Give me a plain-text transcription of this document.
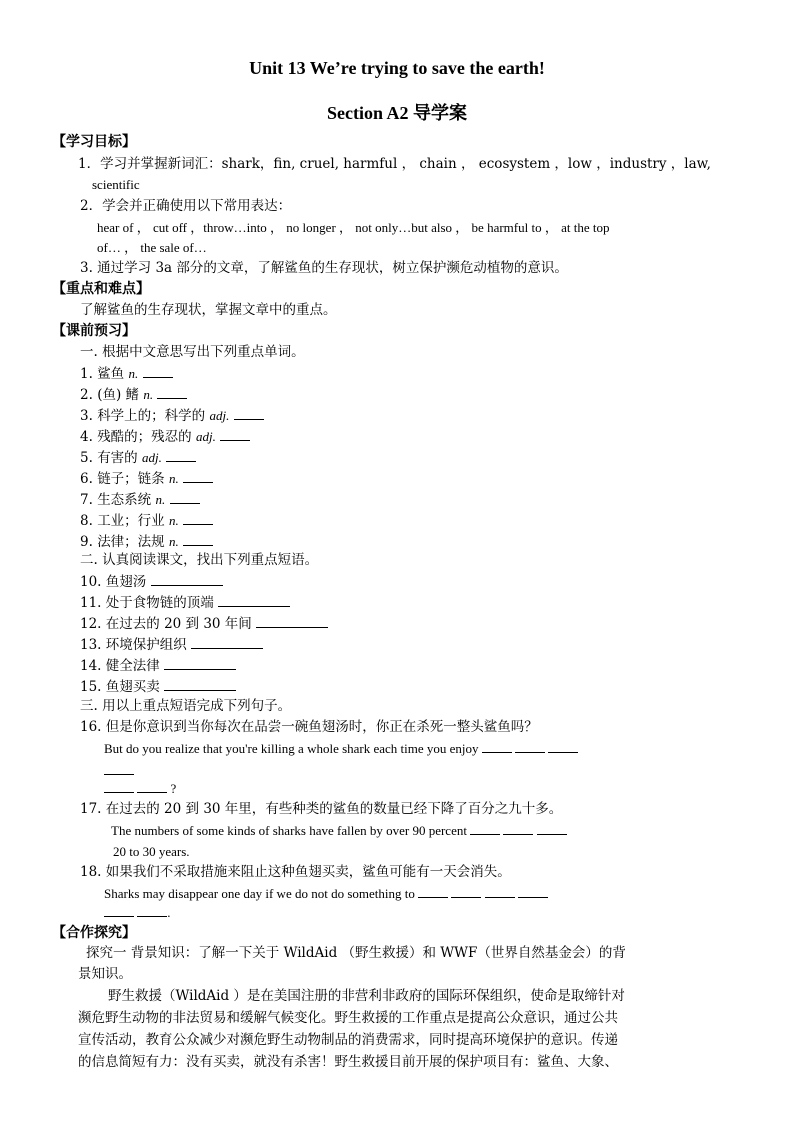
Unit 13 We’re trying to save the earth!
Section A2 导学案
【学习目标】
1．学习并掌握新词汇：shark，fin, cruel, harmful ， chain ， ecosystem ，low ，industry ，law,
scientific
2．学会并正确使用以下常用表达：
hear of ， cut off ，throw…into ， no longer ， not only…but also ， be harmful to ， at the top
of… ， the sale of…
3. 通过学习 3a 部分的文章，了解鲨鱼的生存现状，树立保护濒危动植物的意识。
【重点和难点】
了解鲨鱼的生存现状，掌握文章中的重点。
【课前预习】
一. 根据中文意思写出下列重点单词。
1. 鲨鱼 n.
2. (鱼) 鳍 n.
3. 科学上的；科学的 adj.
4. 残酷的；残忍的 adj.
5. 有害的 adj.
6. 链子；链条 n.
7. 生态系统 n.
8. 工业；行业 n.
9. 法律；法规 n.
二. 认真阅读课文，找出下列重点短语。
10. 鱼翅汤
11. 处于食物链的顶端
12. 在过去的 20 到 30 年间
13. 环境保护组织
14. 健全法律
15. 鱼翅买卖
三. 用以上重点短语完成下列句子。
16. 但是你意识到当你每次在品尝一碗鱼翅汤时，你正在杀死一整头鲨鱼吗？
But do you realize that you're killing a whole shark each time you enjoy
?
17. 在过去的 20 到 30 年里，有些种类的鲨鱼的数量已经下降了百分之九十多。
The numbers of some kinds of sharks have fallen by over 90 percent
20 to 30 years.
18. 如果我们不采取措施来阻止这种鱼翅买卖，鲨鱼可能有一天会消失。
Sharks may disappear one day if we do not do something to
.
【合作探究】
探究一 背景知识：了解一下关于 WildAid （野生救援）和 WWF（世界自然基金会）的背
景知识。
野生救援（WildAid ）是在美国注册的非营利非政府的国际环保组织，使命是取缔针对
濒危野生动物的非法贸易和缓解气候变化。野生救援的工作重点是提高公众意识，通过公共
宣传活动，教育公众减少对濒危野生动物制品的消费需求，同时提高环境保护的意识。传递
的信息简短有力：没有买卖，就没有杀害！野生救援目前开展的保护项目有：鲨鱼、大象、
